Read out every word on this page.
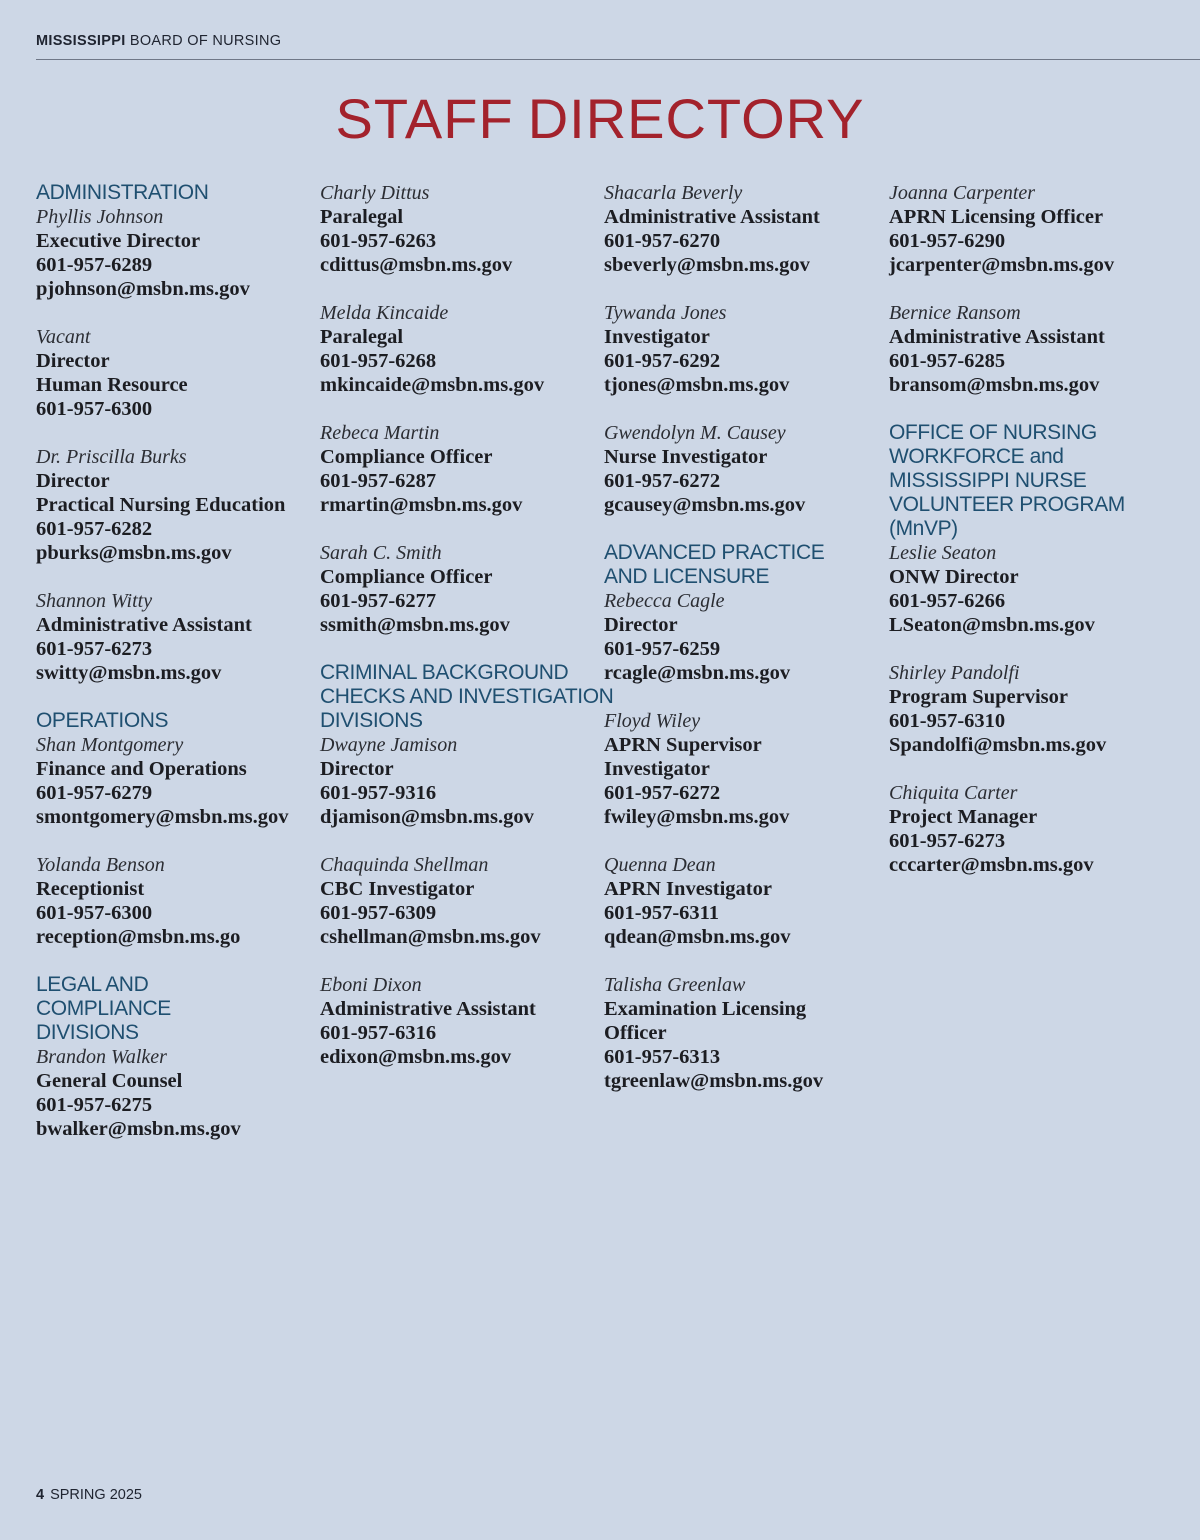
MISSISSIPPI BOARD OF NURSING
STAFF DIRECTORY
ADMINISTRATION
Phyllis Johnson
Executive Director
601-957-6289
pjohnson@msbn.ms.gov
Vacant
Director
Human Resource
601-957-6300
Dr. Priscilla Burks
Director
Practical Nursing Education
601-957-6282
pburks@msbn.ms.gov
Shannon Witty
Administrative Assistant
601-957-6273
switty@msbn.ms.gov
OPERATIONS
Shan Montgomery
Finance and Operations
601-957-6279
smontgomery@msbn.ms.gov
Yolanda Benson
Receptionist
601-957-6300
reception@msbn.ms.go
LEGAL AND
COMPLIANCE
DIVISIONS
Brandon Walker
General Counsel
601-957-6275
bwalker@msbn.ms.gov
Charly Dittus
Paralegal
601-957-6263
cdittus@msbn.ms.gov
Melda Kincaide
Paralegal
601-957-6268
mkincaide@msbn.ms.gov
Rebeca Martin
Compliance Officer
601-957-6287
rmartin@msbn.ms.gov
Sarah C. Smith
Compliance Officer
601-957-6277
ssmith@msbn.ms.gov
CRIMINAL BACKGROUND
CHECKS AND INVESTIGATION
DIVISIONS
Dwayne Jamison
Director
601-957-9316
djamison@msbn.ms.gov
Chaquinda Shellman
CBC Investigator
601-957-6309
cshellman@msbn.ms.gov
Eboni Dixon
Administrative Assistant
601-957-6316
edixon@msbn.ms.gov
Shacarla Beverly
Administrative Assistant
601-957-6270
sbeverly@msbn.ms.gov
Tywanda Jones
Investigator
601-957-6292
tjones@msbn.ms.gov
Gwendolyn M. Causey
Nurse Investigator
601-957-6272
gcausey@msbn.ms.gov
ADVANCED PRACTICE
AND LICENSURE
Rebecca Cagle
Director
601-957-6259
rcagle@msbn.ms.gov
Floyd Wiley
APRN Supervisor
Investigator
601-957-6272
fwiley@msbn.ms.gov
Quenna Dean
APRN Investigator
601-957-6311
qdean@msbn.ms.gov
Talisha Greenlaw
Examination Licensing
Officer
601-957-6313
tgreenlaw@msbn.ms.gov
Joanna Carpenter
APRN Licensing Officer
601-957-6290
jcarpenter@msbn.ms.gov
Bernice Ransom
Administrative Assistant
601-957-6285
bransom@msbn.ms.gov
OFFICE OF NURSING
WORKFORCE and
MISSISSIPPI NURSE
VOLUNTEER PROGRAM (MnVP)
Leslie Seaton
ONW Director
601-957-6266
LSeaton@msbn.ms.gov
Shirley Pandolfi
Program Supervisor
601-957-6310
Spandolfi@msbn.ms.gov
Chiquita Carter
Project Manager
601-957-6273
cccarter@msbn.ms.gov
4 SPRING 2025
